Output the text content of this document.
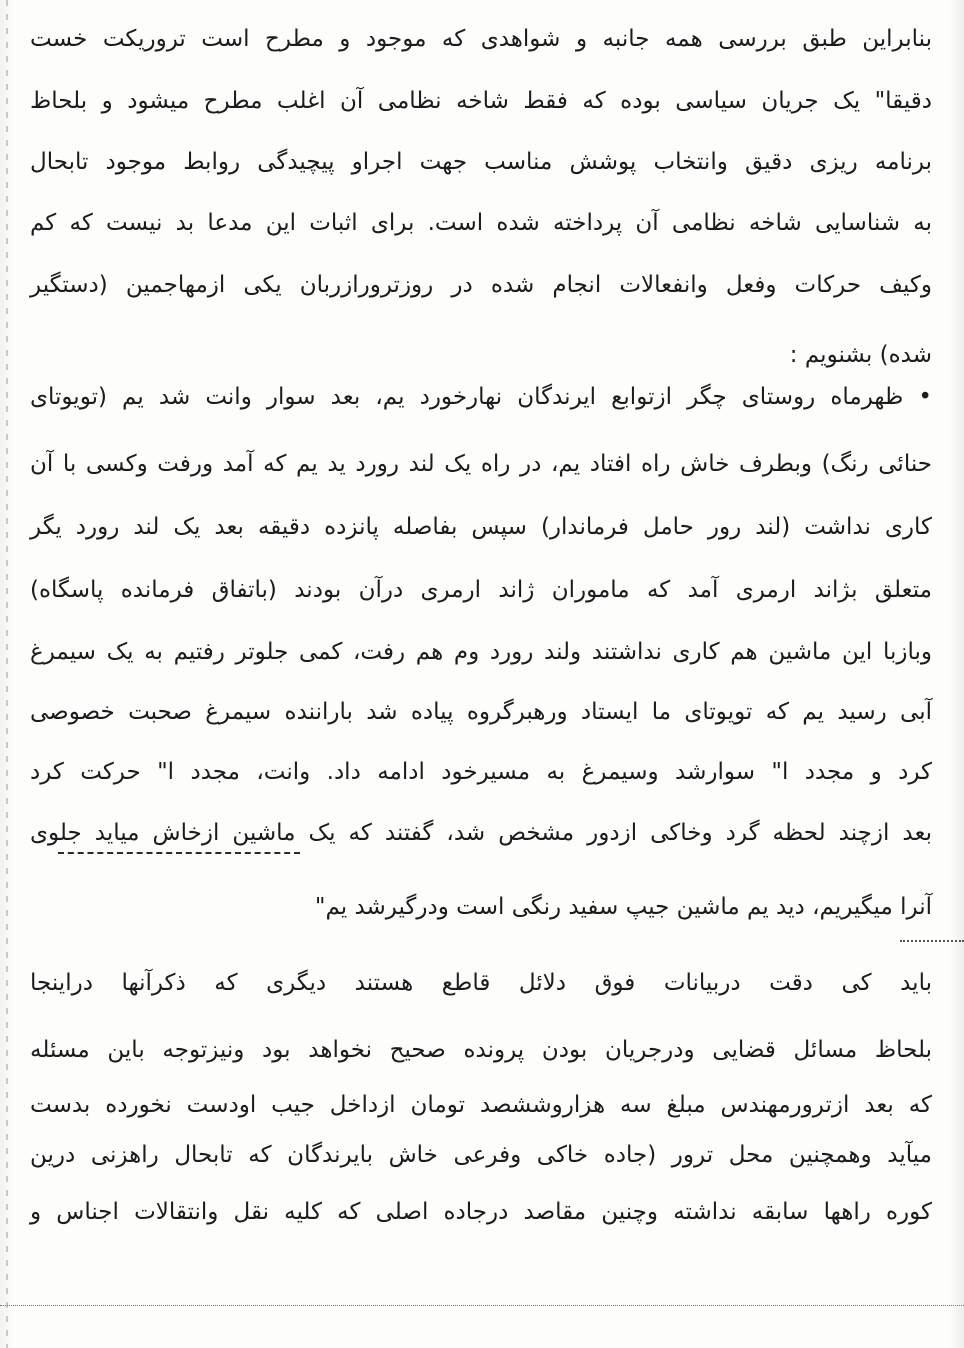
بنابراین طبق بررسی همه جانبه و شواهدی که موجود و مطرح است تروریکت خست
دقیقا" یک جریان سیاسی بوده که فقط شاخه نظامی آن اغلب مطرح میشود و بلحاظ
برنامه ریزی دقیق وانتخاب پوشش مناسب جهت اجراو پیچیدگی روابط موجود تابحال
به شناسایی شاخه نظامی آن پرداخته شده است. برای اثبات این مدعا بد نیست که کم
وکیف حرکات وفعل وانفعالات انجام شده در روزترورازربان یکی ازمهاجمین (دستگیر
شده) بشنویم :
• ظهرماه روستای چگر ازتوابع ایرندگان نهارخورد یم، بعد سوار وانت شد یم (تویوتای
حنائی رنگ) وبطرف خاش راه افتاد یم، در راه یک لند رورد ید یم که آمد ورفت وکسی با آن
کاری نداشت (لند رور حامل فرماندار) سپس بفاصله پانزده دقیقه بعد یک لند رورد یگر
متعلق بژاند ارمری آمد که ماموران ژاند ارمری درآن بودند (باتفاق فرمانده پاسگاه)
وبازبا این ماشین هم کاری نداشتند ولند رورد وم هم رفت، کمی جلوتر رفتیم به یک سیمرغ
آبی رسید یم که تویوتای ما ایستاد ورهبرگروه پیاده شد باراننده سیمرغ صحبت خصوصی
کرد و مجدد ا" سوارشد وسیمرغ به مسیرخود ادامه داد. وانت، مجدد ا" حرکت کرد
بعد ازچند لحظه گرد وخاکی ازدور مشخص شد، گفتند که یک ماشین ازخاش میاید جلوی
آنرا میگیریم، دید یم ماشین جیپ سفید رنگی است ودرگیرشد یم"
باید کی دقت دربیانات فوق دلائل قاطع هستند دیگری که ذکرآنها دراینجا
بلحاظ مسائل قضایی ودرجریان بودن پرونده صحیح نخواهد بود ونیزتوجه باین مسئله
که بعد ازترورمهندس مبلغ سه هزاروششصد تومان ازداخل جیب اودست نخورده بدست
میآید وهمچنین محل ترور (جاده خاکی وفرعی خاش بایرندگان که تابحال راهزنی درین
کوره راهها سابقه نداشته وچنین مقاصد درجاده اصلی که کلیه نقل وانتقالات اجناس و
